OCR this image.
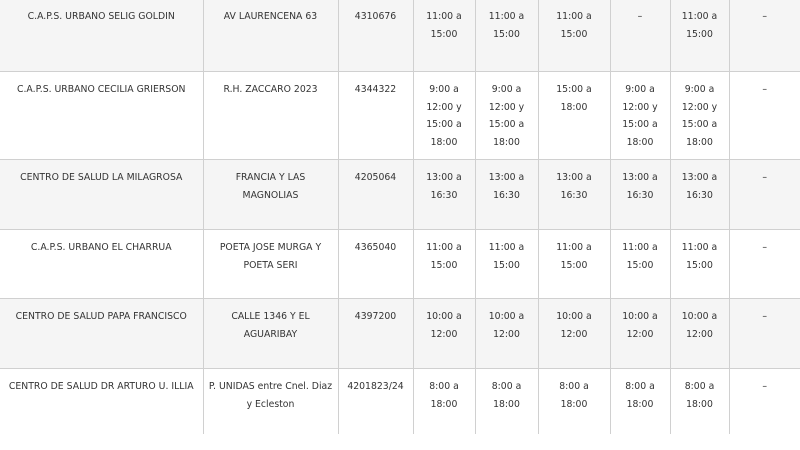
C.A.P.S. URBANO SELIG GOLDIN	AV LAURENCENA 63	4310676	11:00 a
15:00	11:00 a
15:00	11:00 a
15:00	–	11:00 a
15:00	–

C.A.P.S. URBANO CECILIA GRIERSON	R.H. ZACCARO 2023	4344322	9:00 a
12:00 y
15:00 a
18:00	9:00 a
12:00 y
15:00 a
18:00	15:00 a
18:00	9:00 a
12:00 y
15:00 a
18:00	9:00 a
12:00 y
15:00 a
18:00	–

CENTRO DE SALUD LA MILAGROSA	FRANCIA Y LAS MAGNOLIAS	4205064	13:00 a
16:30	13:00 a
16:30	13:00 a
16:30	13:00 a
16:30	13:00 a
16:30	–

C.A.P.S. URBANO EL CHARRUA	POETA JOSE MURGA Y POETA SERI	4365040	11:00 a
15:00	11:00 a
15:00	11:00 a
15:00	11:00 a
15:00	11:00 a
15:00	–

CENTRO DE SALUD PAPA FRANCISCO	CALLE 1346 Y EL AGUARIBAY	4397200	10:00 a
12:00	10:00 a
12:00	10:00 a
12:00	10:00 a
12:00	10:00 a
12:00	–

CENTRO DE SALUD DR ARTURO U. ILLIA	P. UNIDAS entre Cnel. Diaz y Ecleston	4201823/24	8:00 a
18:00	8:00 a
18:00	8:00 a
18:00	8:00 a
18:00	8:00 a
18:00	–
